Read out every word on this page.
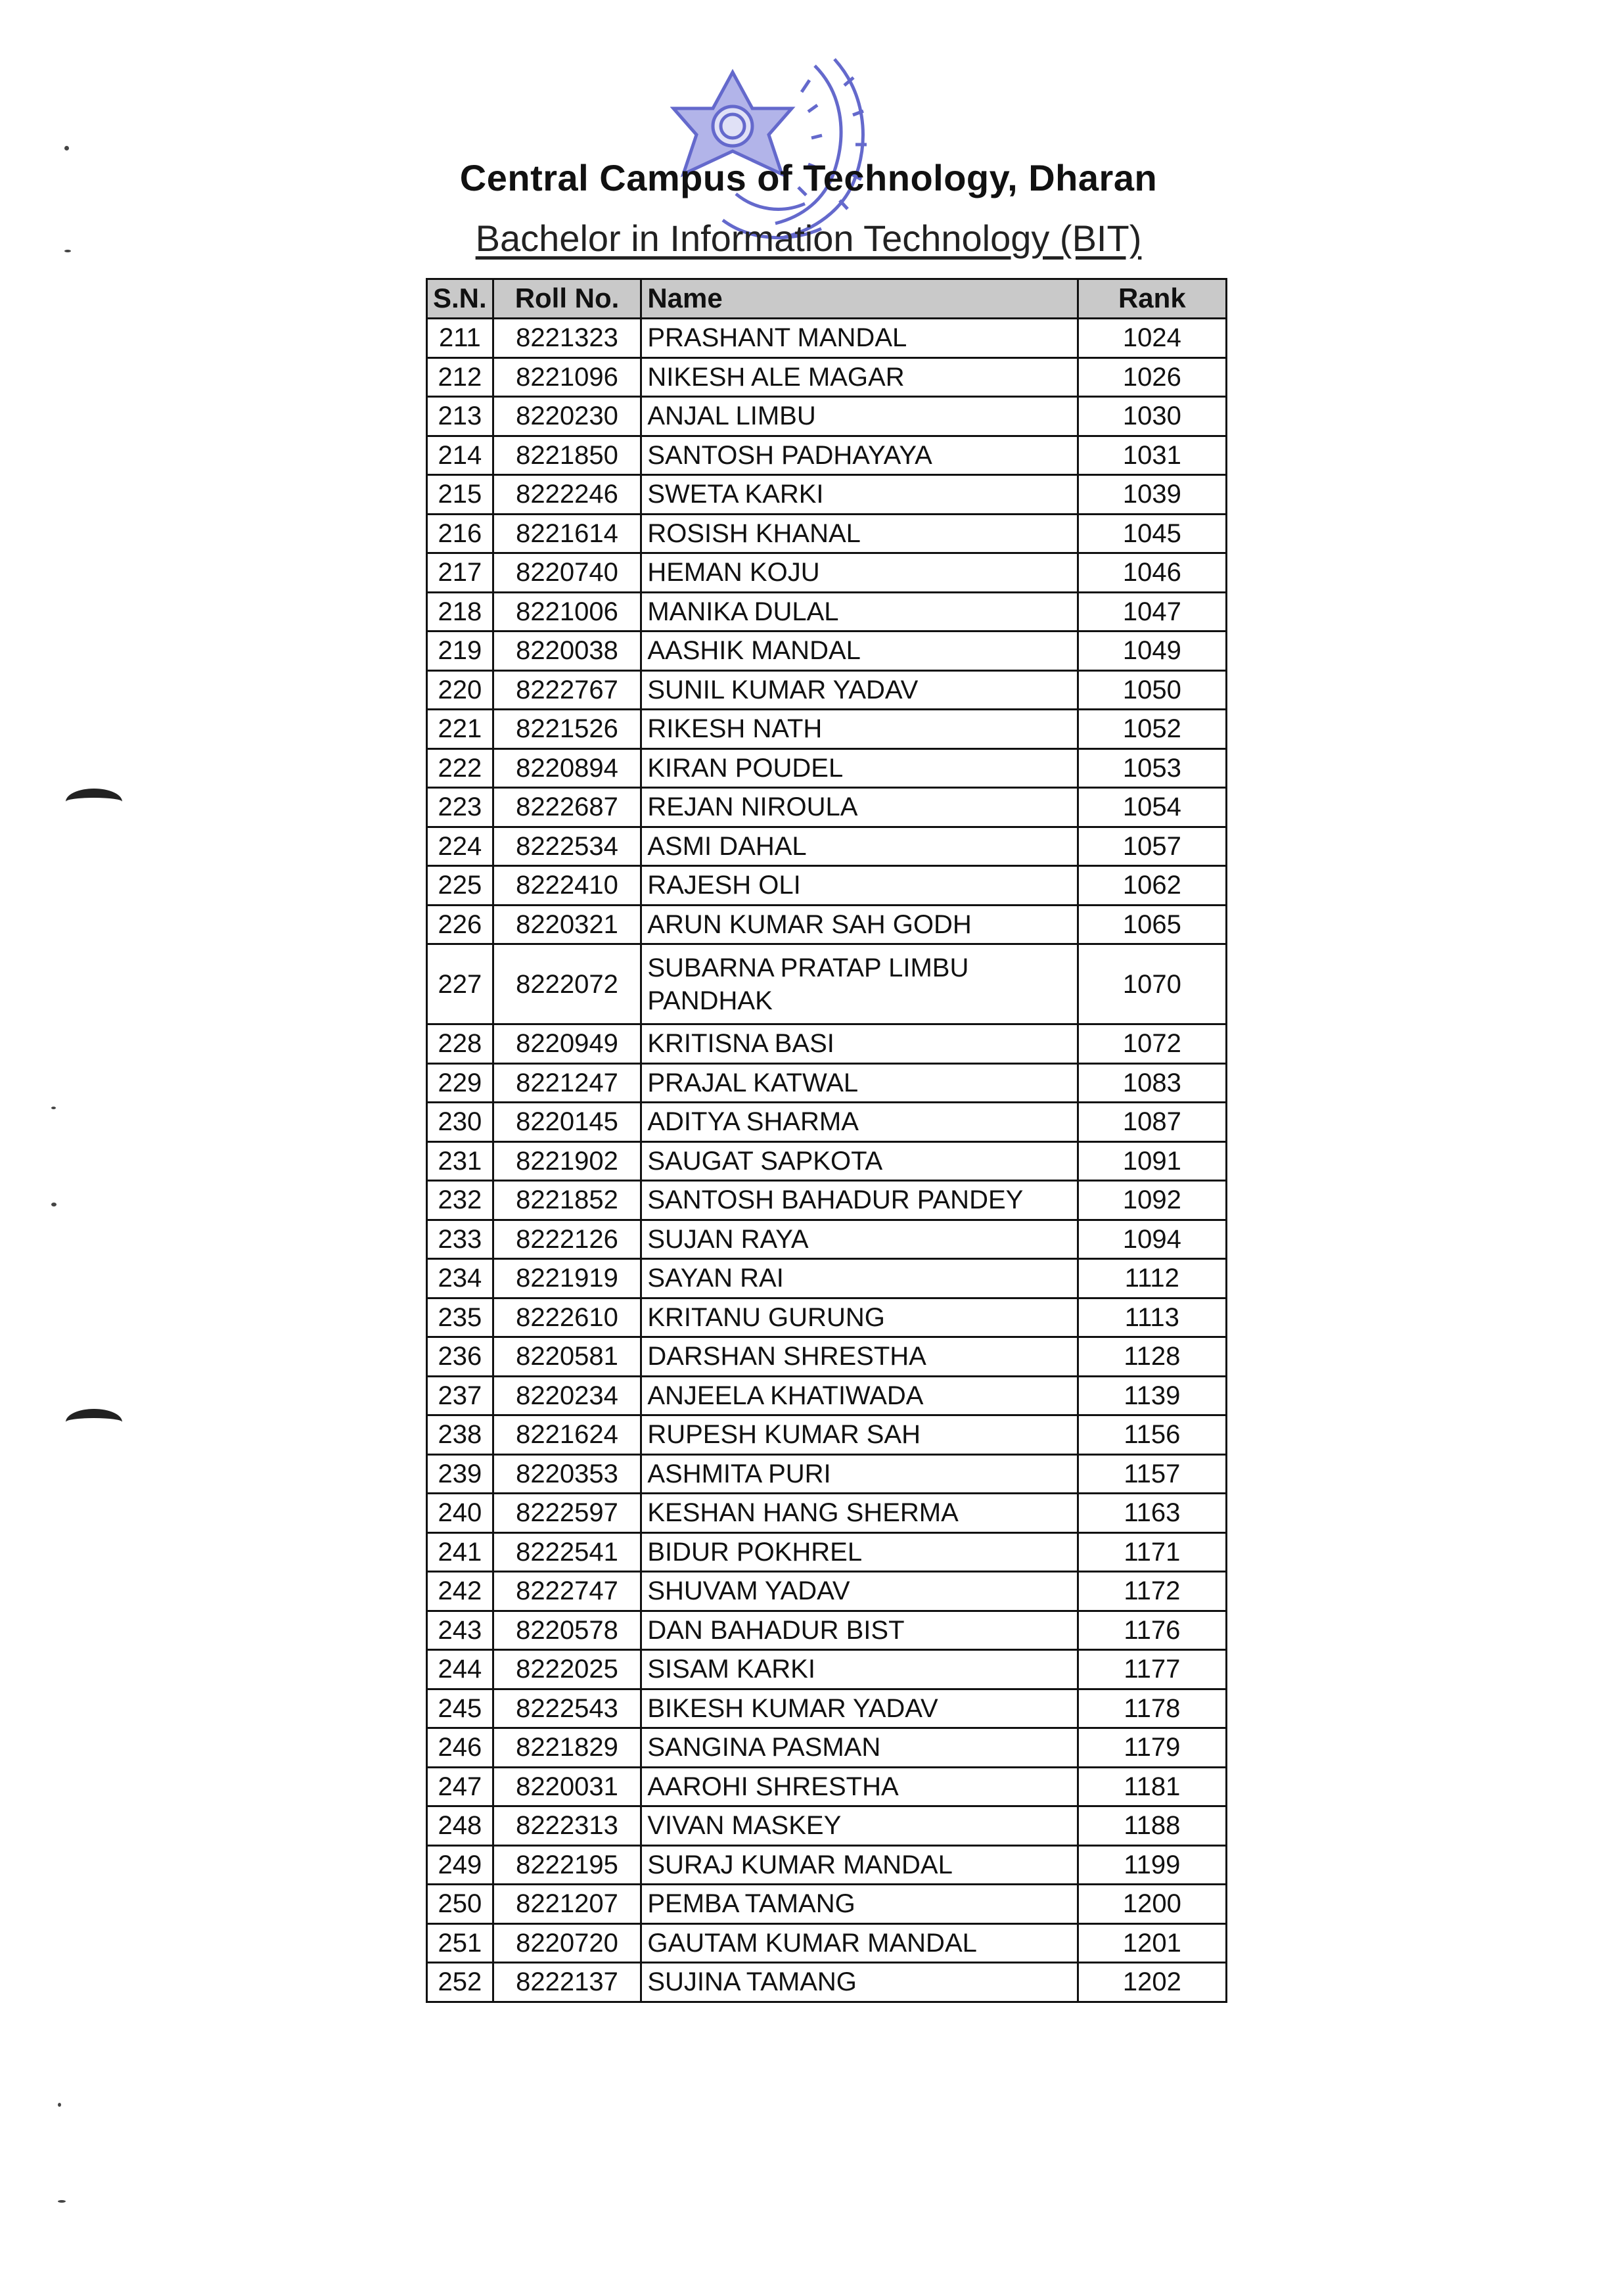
Central Campus of Technology, Dharan
Bachelor in Information Technology (BIT)
S.N.	Roll No.	Name	Rank
211	8221323	PRASHANT MANDAL	1024
212	8221096	NIKESH ALE MAGAR	1026
213	8220230	ANJAL LIMBU	1030
214	8221850	SANTOSH PADHAYAYA	1031
215	8222246	SWETA KARKI	1039
216	8221614	ROSISH KHANAL	1045
217	8220740	HEMAN KOJU	1046
218	8221006	MANIKA DULAL	1047
219	8220038	AASHIK MANDAL	1049
220	8222767	SUNIL KUMAR YADAV	1050
221	8221526	RIKESH NATH	1052
222	8220894	KIRAN POUDEL	1053
223	8222687	REJAN NIROULA	1054
224	8222534	ASMI DAHAL	1057
225	8222410	RAJESH OLI	1062
226	8220321	ARUN KUMAR SAH GODH	1065
227	8222072	SUBARNA PRATAP LIMBU PANDHAK	1070
228	8220949	KRITISNA BASI	1072
229	8221247	PRAJAL KATWAL	1083
230	8220145	ADITYA SHARMA	1087
231	8221902	SAUGAT SAPKOTA	1091
232	8221852	SANTOSH BAHADUR PANDEY	1092
233	8222126	SUJAN RAYA	1094
234	8221919	SAYAN RAI	1112
235	8222610	KRITANU GURUNG	1113
236	8220581	DARSHAN SHRESTHA	1128
237	8220234	ANJEELA KHATIWADA	1139
238	8221624	RUPESH KUMAR SAH	1156
239	8220353	ASHMITA PURI	1157
240	8222597	KESHAN HANG SHERMA	1163
241	8222541	BIDUR POKHREL	1171
242	8222747	SHUVAM YADAV	1172
243	8220578	DAN BAHADUR BIST	1176
244	8222025	SISAM KARKI	1177
245	8222543	BIKESH KUMAR YADAV	1178
246	8221829	SANGINA PASMAN	1179
247	8220031	AAROHI SHRESTHA	1181
248	8222313	VIVAN MASKEY	1188
249	8222195	SURAJ KUMAR MANDAL	1199
250	8221207	PEMBA TAMANG	1200
251	8220720	GAUTAM KUMAR MANDAL	1201
252	8222137	SUJINA TAMANG	1202
